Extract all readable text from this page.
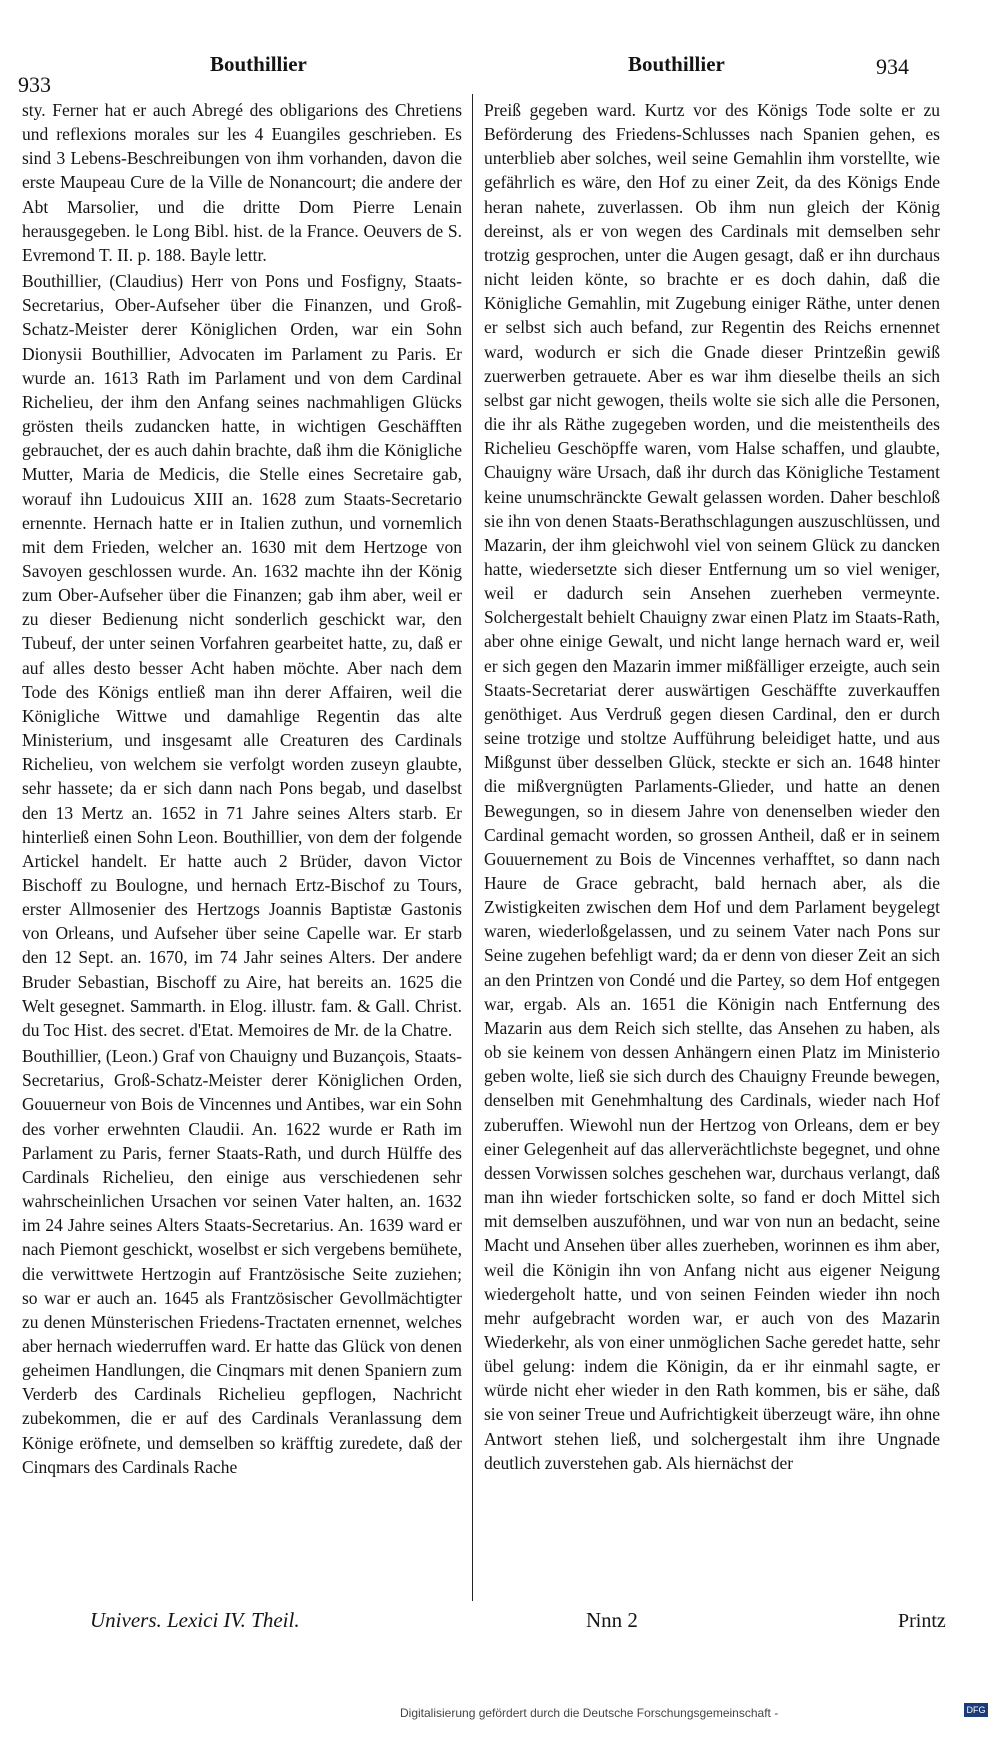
933
Bouthillier	Bouthillier	934

sty. Ferner hat er auch Abregé des obligarions des Chretiens und reflexions morales sur les 4 Euangiles geschrieben. Es sind 3 Lebens-Beschreibungen von ihm vorhanden, davon die erste Maupeau Cure de la Ville de Nonancourt; die andere der Abt Marsolier, und die dritte Dom Pierre Lenain herausgegeben. le Long Bibl. hist. de la France. Oeuvers de S. Evremond T. II. p. 188. Bayle lettr.

Bouthillier, (Claudius) Herr von Pons und Fosfigny, Staats-Secretarius, Ober-Aufseher über die Finanzen, und Groß-Schatz-Meister derer Königlichen Orden, war ein Sohn Dionysii Bouthillier, Advocaten im Parlament zu Paris. Er wurde an. 1613 Rath im Parlament und von dem Cardinal Richelieu, der ihm den Anfang seines nachmahligen Glücks grösten theils zudancken hatte, in wichtigen Geschäfften gebrauchet, der es auch dahin brachte, daß ihm die Königliche Mutter, Maria de Medicis, die Stelle eines Secretaire gab, worauf ihn Ludouicus XIII an. 1628 zum Staats-Secretario ernennte. Hernach hatte er in Italien zuthun, und vornemlich mit dem Frieden, welcher an. 1630 mit dem Hertzoge von Savoyen geschlossen wurde. An. 1632 machte ihn der König zum Ober-Aufseher über die Finanzen; gab ihm aber, weil er zu dieser Bedienung nicht sonderlich geschickt war, den Tubeuf, der unter seinen Vorfahren gearbeitet hatte, zu, daß er auf alles desto besser Acht haben möchte. Aber nach dem Tode des Königs entließ man ihn derer Affairen, weil die Königliche Wittwe und damahlige Regentin das alte Ministerium, und insgesamt alle Creaturen des Cardinals Richelieu, von welchem sie verfolgt worden zuseyn glaubte, sehr hassete; da er sich dann nach Pons begab, und daselbst den 13 Mertz an. 1652 in 71 Jahre seines Alters starb. Er hinterließ einen Sohn Leon. Bouthillier, von dem der folgende Artickel handelt. Er hatte auch 2 Brüder, davon Victor Bischoff zu Boulogne, und hernach Ertz-Bischof zu Tours, erster Allmosenier des Hertzogs Joannis Baptistæ Gastonis von Orleans, und Aufseher über seine Capelle war. Er starb den 12 Sept. an. 1670, im 74 Jahr seines Alters. Der andere Bruder Sebastian, Bischoff zu Aire, hat bereits an. 1625 die Welt gesegnet. Sammarth. in Elog. illustr. fam. & Gall. Christ. du Toc Hist. des secret. d'Etat. Memoires de Mr. de la Chatre.

Bouthillier, (Leon.) Graf von Chauigny und Buzançois, Staats-Secretarius, Groß-Schatz-Meister derer Königlichen Orden, Gouuerneur von Bois de Vincennes und Antibes, war ein Sohn des vorher erwehnten Claudii. An. 1622 wurde er Rath im Parlament zu Paris, ferner Staats-Rath, und durch Hülffe des Cardinals Richelieu, den einige aus verschiedenen sehr wahrscheinlichen Ursachen vor seinen Vater halten, an. 1632 im 24 Jahre seines Alters Staats-Secretarius. An. 1639 ward er nach Piemont geschickt, woselbst er sich vergebens bemühete, die verwittwete Hertzogin auf Frantzösische Seite zuziehen; so war er auch an. 1645 als Frantzösischer Gevollmächtigter zu denen Münsterischen Friedens-Tractaten ernennet, welches aber hernach wiederruffen ward. Er hatte das Glück von denen geheimen Handlungen, die Cinqmars mit denen Spaniern zum Verderb des Cardinals Richelieu gepflogen, Nachricht zubekommen, die er auf des Cardinals Veranlassung dem Könige eröfnete, und demselben so kräfftig zuredete, daß der Cinqmars des Cardinals Rache

Preiß gegeben ward. Kurtz vor des Königs Tode solte er zu Beförderung des Friedens-Schlusses nach Spanien gehen, es unterblieb aber solches, weil seine Gemahlin ihm vorstellte, wie gefährlich es wäre, den Hof zu einer Zeit, da des Königs Ende heran nahete, zuverlassen. Ob ihm nun gleich der König dereinst, als er von wegen des Cardinals mit demselben sehr trotzig gesprochen, unter die Augen gesagt, daß er ihn durchaus nicht leiden könte, so brachte er es doch dahin, daß die Königliche Gemahlin, mit Zugebung einiger Räthe, unter denen er selbst sich auch befand, zur Regentin des Reichs ernennet ward, wodurch er sich die Gnade dieser Printzeßin gewiß zuerwerben getrauete. Aber es war ihm dieselbe theils an sich selbst gar nicht gewogen, theils wolte sie sich alle die Personen, die ihr als Räthe zugegeben worden, und die meistentheils des Richelieu Geschöpffe waren, vom Halse schaffen, und glaubte, Chauigny wäre Ursach, daß ihr durch das Königliche Testament keine unumschränckte Gewalt gelassen worden. Daher beschloß sie ihn von denen Staats-Berathschlagungen auszuschlüssen, und Mazarin, der ihm gleichwohl viel von seinem Glück zu dancken hatte, wiedersetzte sich dieser Entfernung um so viel weniger, weil er dadurch sein Ansehen zuerheben vermeynte. Solchergestalt behielt Chauigny zwar einen Platz im Staats-Rath, aber ohne einige Gewalt, und nicht lange hernach ward er, weil er sich gegen den Mazarin immer mißfälliger erzeigte, auch sein Staats-Secretariat derer auswärtigen Geschäffte zuverkauffen genöthiget. Aus Verdruß gegen diesen Cardinal, den er durch seine trotzige und stoltze Aufführung beleidiget hatte, und aus Mißgunst über desselben Glück, steckte er sich an. 1648 hinter die mißvergnügten Parlaments-Glieder, und hatte an denen Bewegungen, so in diesem Jahre von denenselben wieder den Cardinal gemacht worden, so grossen Antheil, daß er in seinem Gouuernement zu Bois de Vincennes verhafftet, so dann nach Haure de Grace gebracht, bald hernach aber, als die Zwistigkeiten zwischen dem Hof und dem Parlament beygelegt waren, wiederloßgelassen, und zu seinem Vater nach Pons sur Seine zugehen befehligt ward; da er denn von dieser Zeit an sich an den Printzen von Condé und die Partey, so dem Hof entgegen war, ergab. Als an. 1651 die Königin nach Entfernung des Mazarin aus dem Reich sich stellte, das Ansehen zu haben, als ob sie keinem von dessen Anhängern einen Platz im Ministerio geben wolte, ließ sie sich durch des Chauigny Freunde bewegen, denselben mit Genehmhaltung des Cardinals, wieder nach Hof zuberuffen. Wiewohl nun der Hertzog von Orleans, dem er bey einer Gelegenheit auf das allerverächtlichste begegnet, und ohne dessen Vorwissen solches geschehen war, durchaus verlangt, daß man ihn wieder fortschicken solte, so fand er doch Mittel sich mit demselben auszuföhnen, und war von nun an bedacht, seine Macht und Ansehen über alles zuerheben, worinnen es ihm aber, weil die Königin ihn von Anfang nicht aus eigener Neigung wiedergeholt hatte, und von seinen Feinden wieder ihn noch mehr aufgebracht worden war, er auch von des Mazarin Wiederkehr, als von einer unmöglichen Sache geredet hatte, sehr übel gelung: indem die Königin, da er ihr einmahl sagte, er würde nicht eher wieder in den Rath kommen, bis er sähe, daß sie von seiner Treue und Aufrichtigkeit überzeugt wäre, ihn ohne Antwort stehen ließ, und solchergestalt ihm ihre Ungnade deutlich zuverstehen gab. Als hiernächst der

Univers. Lexici IV. Theil.	Nnn 2	Printz
Digitalisierung gefördert durch die Deutsche Forschungsgemeinschaft -	DFG
